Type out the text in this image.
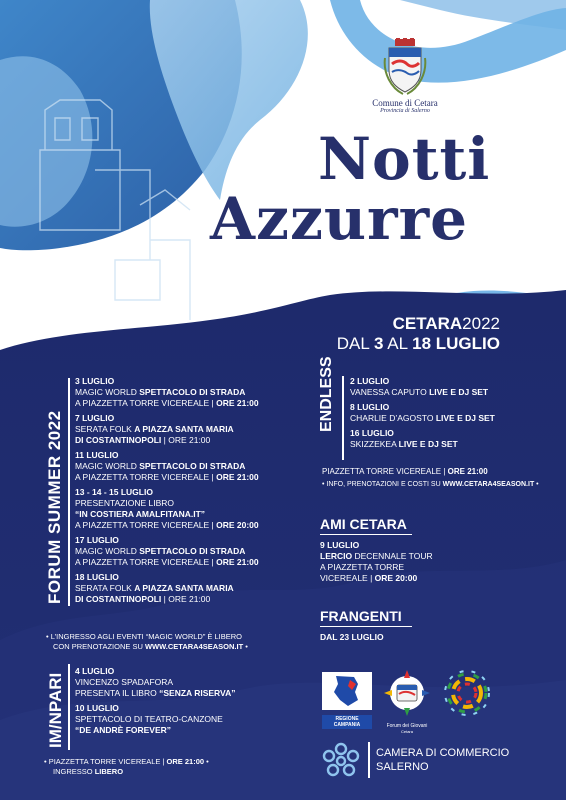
Comune di Cetara
Provincia di Salerno
Notti
Azzurre
CETARA2022
DAL 3 AL 18 LUGLIO
FORUM SUMMER 2022
3 LUGLIO
MAGIC WORLD SPETTACOLO DI STRADA
A PIAZZETTA TORRE VICEREALE | ORE 21:00
7 LUGLIO
SERATA FOLK A PIAZZA SANTA MARIA
DI COSTANTINOPOLI | ORE 21:00
11 LUGLIO
MAGIC WORLD SPETTACOLO DI STRADA
A PIAZZETTA TORRE VICEREALE | ORE 21:00
13 - 14 - 15 LUGLIO
PRESENTAZIONE LIBRO
“IN COSTIERA AMALFITANA.IT”
A PIAZZETTA TORRE VICEREALE | ORE 20:00
17 LUGLIO
MAGIC WORLD SPETTACOLO DI STRADA
A PIAZZETTA TORRE VICEREALE | ORE 21:00
18 LUGLIO
SERATA FOLK A PIAZZA SANTA MARIA
DI COSTANTINOPOLI | ORE 21:00
• L’INGRESSO AGLI EVENTI “MAGIC WORLD” È LIBERO
CON PRENOTAZIONE SU WWW.CETARA4SEASON.IT •
IM/NPARI
4 LUGLIO
VINCENZO SPADAFORA
PRESENTA IL LIBRO “SENZA RISERVA”
10 LUGLIO
SPETTACOLO DI TEATRO-CANZONE
“DE ANDRÈ FOREVER”
• PIAZZETTA TORRE VICEREALE | ORE 21:00 •
INGRESSO LIBERO
ENDLESS 2 LUGLIO
VANESSA CAPUTO LIVE E DJ SET
8 LUGLIO
CHARLIE D’AGOSTO LIVE E DJ SET
16 LUGLIO
SKIZZEKEA LIVE E DJ SET
PIAZZETTA TORRE VICEREALE | ORE 21:00
• INFO, PRENOTAZIONI E COSTI SU WWW.CETARA4SEASON.IT •
AMI CETARA
9 LUGLIO
LERCIO DECENNALE TOUR
A PIAZZETTA TORRE
VICEREALE | ORE 20:00
FRANGENTI
DAL 23 LUGLIO
REGIONE CAMPANIA	Forum dei Giovani
Cetara
CAMERA DI COMMERCIO
SALERNO
